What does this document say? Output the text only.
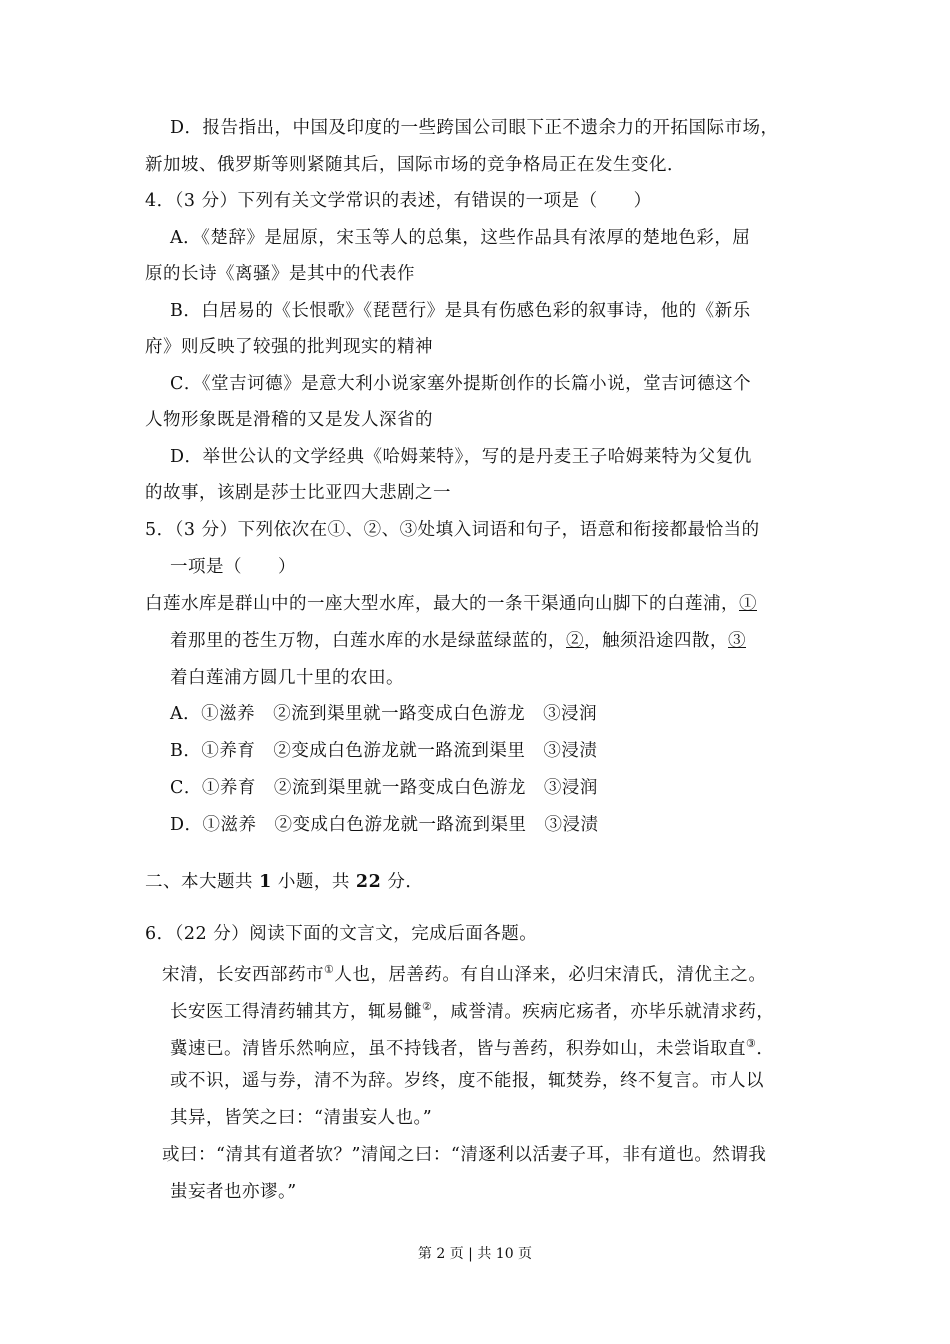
D．报告指出，中国及印度的一些跨国公司眼下正不遗余力的开拓国际市场，
新加坡、俄罗斯等则紧随其后，国际市场的竞争格局正在发生变化．
4．（3 分）下列有关文学常识的表述，有错误的一项是（　　）
A．《楚辞》是屈原，宋玉等人的总集，这些作品具有浓厚的楚地色彩，屈
原的长诗《离骚》是其中的代表作
B．白居易的《长恨歌》《琵琶行》是具有伤感色彩的叙事诗，他的《新乐
府》则反映了较强的批判现实的精神
C．《堂吉诃德》是意大利小说家塞外提斯创作的长篇小说，堂吉诃德这个
人物形象既是滑稽的又是发人深省的
D．举世公认的文学经典《哈姆莱特》，写的是丹麦王子哈姆莱特为父复仇
的故事，该剧是莎士比亚四大悲剧之一
5．（3 分）下列依次在①、②、③处填入词语和句子，语意和衔接都最恰当的
一项是（　　）
白莲水库是群山中的一座大型水库，最大的一条干渠通向山脚下的白莲浦，①
着那里的苍生万物，白莲水库的水是绿蓝绿蓝的，②，触须沿途四散，③
着白莲浦方圆几十里的农田。
A．①滋养　②流到渠里就一路变成白色游龙　③浸润
B．①养育　②变成白色游龙就一路流到渠里　③浸渍
C．①养育　②流到渠里就一路变成白色游龙　③浸润
D．①滋养　②变成白色游龙就一路流到渠里　③浸渍
二、本大题共 1 小题，共 22 分．
6．（22 分）阅读下面的文言文，完成后面各题。
宋清，长安西部药市①人也，居善药。有自山泽来，必归宋清氏，清优主之。
长安医工得清药辅其方，辄易雠②，咸誉清。疾病庀疡者，亦毕乐就清求药，
冀速已。清皆乐然响应，虽不持钱者，皆与善药，积券如山，未尝诣取直③．
或不识，遥与券，清不为辞。岁终，度不能报，辄焚券，终不复言。市人以
其异，皆笑之曰：“清蚩妄人也。”
或曰：“清其有道者欤？”清闻之曰：“清逐利以活妻子耳，非有道也。然谓我
蚩妄者也亦谬。”
第 2 页 | 共 10 页
